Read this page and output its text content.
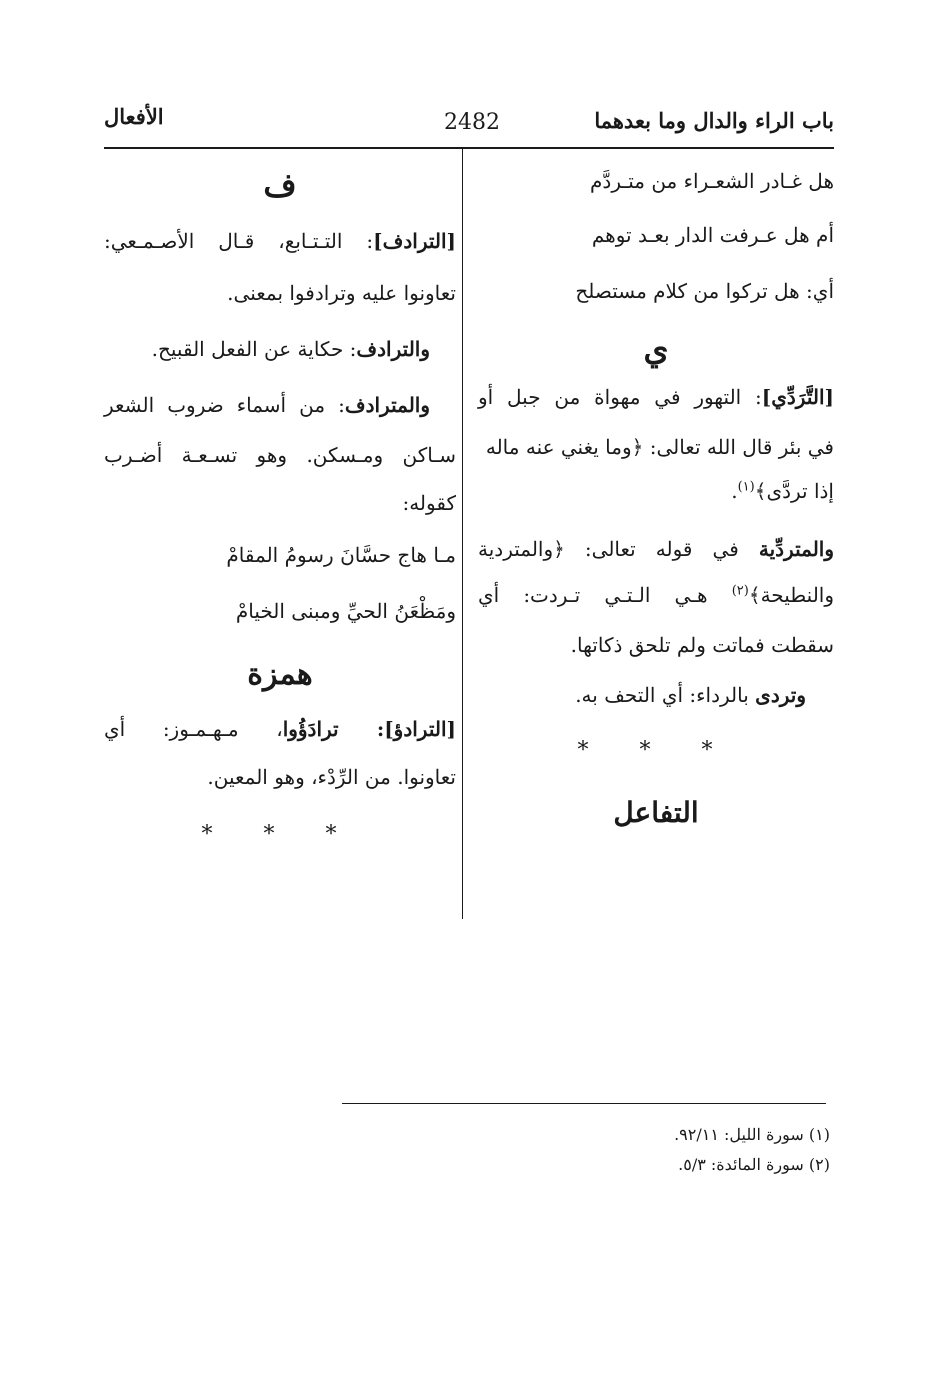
باب الراء والدال وما بعدهما
2482
الأفعال
هل غـادر الشعـراء من متـردَّم
أم هل عـرفت الدار بعـد توهم
أي: هل تركوا من كلام مستصلح
ي
[التَّرَدِّي]: التهور في مهواة من جبل أو
في بئر قال الله تعالى: ﴿وما يغني عنه ماله
إذا تردَّى﴾$^{(١)}$.
والمتردِّية في قوله تعالى: ﴿والمتردية
والنطيحة﴾$^{(٢)}$ هـي الـتـي تـردت: أي
سقطت فماتت ولم تلحق ذكاتها.
وتردى بالرداء: أي التحف به.
* * *
التفاعل
ف
[الترادف]: التـتـابع، قـال الأصـمـعي:
تعاونوا عليه وترادفوا بمعنى.
والترادف: حكاية عن الفعل القبيح.
والمترادف: من أسماء ضروب الشعر
سـاكن ومـسكن. وهو تسـعـة أضـرب
كقوله:
مـا هاج حسَّانَ رسومُ المقامْ
ومَظْعَنُ الحيِّ ومبنى الخيامْ
همزة
[الترادؤ]: ترادَؤُوا، مـهـمـوز: أي
تعاونوا. من الرِّدْء، وهو المعين.
* * *
(١) سورة الليل: ٩٢/١١.
(٢) سورة المائدة: ٥/٣.
